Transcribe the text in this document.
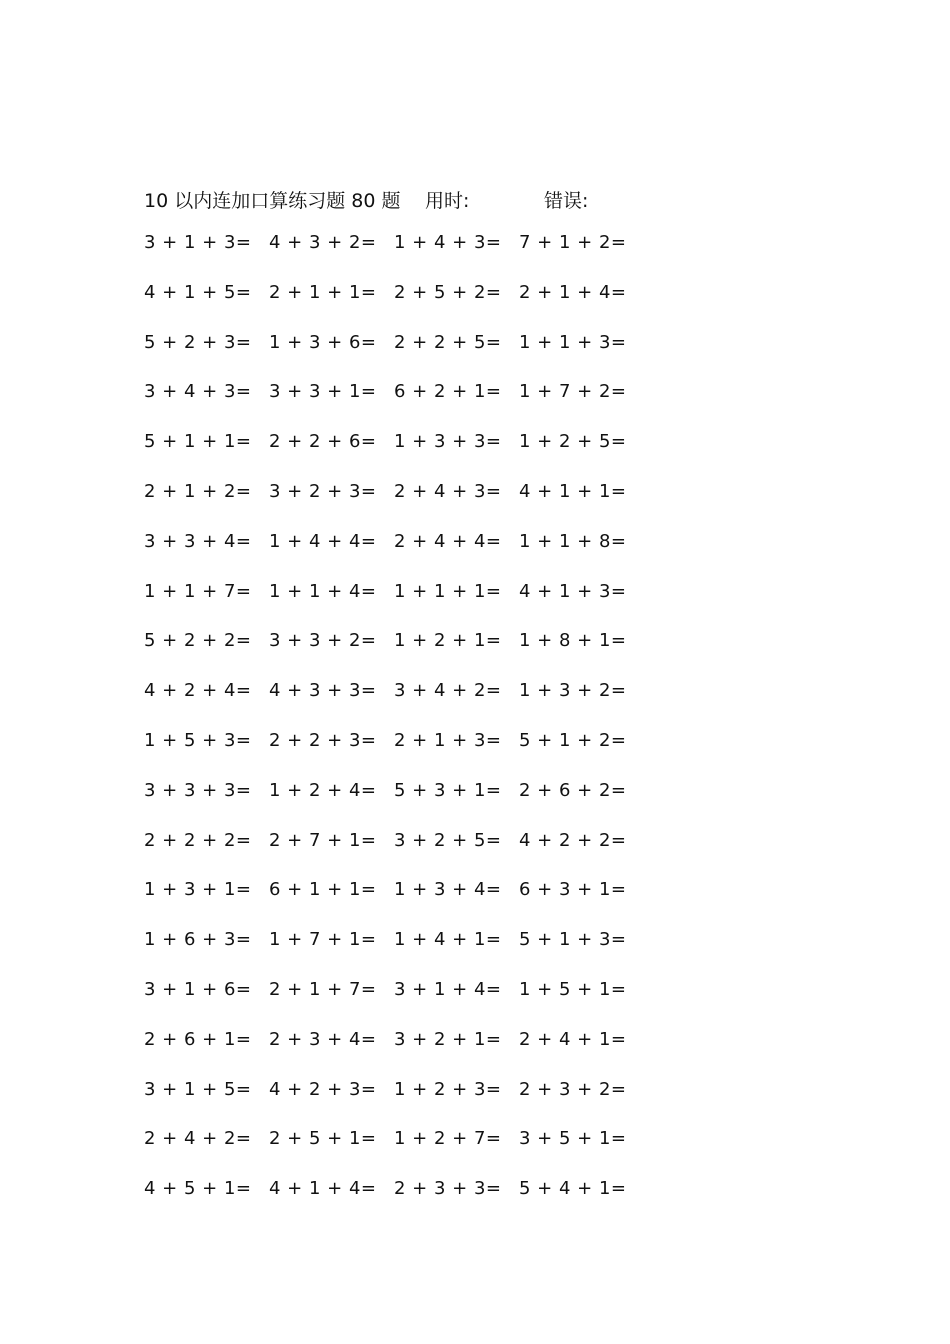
10 以内连加口算练习题 80 题 用时:	错误:
3 + 1 + 3= 4 + 3 + 2= 1 + 4 + 3= 7 + 1 + 2=
4 + 1 + 5= 2 + 1 + 1= 2 + 5 + 2= 2 + 1 + 4=
5 + 2 + 3= 1 + 3 + 6= 2 + 2 + 5= 1 + 1 + 3=
3 + 4 + 3= 3 + 3 + 1= 6 + 2 + 1= 1 + 7 + 2=
5 + 1 + 1= 2 + 2 + 6= 1 + 3 + 3= 1 + 2 + 5=
2 + 1 + 2= 3 + 2 + 3= 2 + 4 + 3= 4 + 1 + 1=
3 + 3 + 4= 1 + 4 + 4= 2 + 4 + 4= 1 + 1 + 8=
1 + 1 + 7= 1 + 1 + 4= 1 + 1 + 1= 4 + 1 + 3=
5 + 2 + 2= 3 + 3 + 2= 1 + 2 + 1= 1 + 8 + 1=
4 + 2 + 4= 4 + 3 + 3= 3 + 4 + 2= 1 + 3 + 2=
1 + 5 + 3= 2 + 2 + 3= 2 + 1 + 3= 5 + 1 + 2=
3 + 3 + 3= 1 + 2 + 4= 5 + 3 + 1= 2 + 6 + 2=
2 + 2 + 2= 2 + 7 + 1= 3 + 2 + 5= 4 + 2 + 2=
1 + 3 + 1= 6 + 1 + 1= 1 + 3 + 4= 6 + 3 + 1=
1 + 6 + 3= 1 + 7 + 1= 1 + 4 + 1= 5 + 1 + 3=
3 + 1 + 6= 2 + 1 + 7= 3 + 1 + 4= 1 + 5 + 1=
2 + 6 + 1= 2 + 3 + 4= 3 + 2 + 1= 2 + 4 + 1=
3 + 1 + 5= 4 + 2 + 3= 1 + 2 + 3= 2 + 3 + 2=
2 + 4 + 2= 2 + 5 + 1= 1 + 2 + 7= 3 + 5 + 1=
4 + 5 + 1= 4 + 1 + 4= 2 + 3 + 3= 5 + 4 + 1=
